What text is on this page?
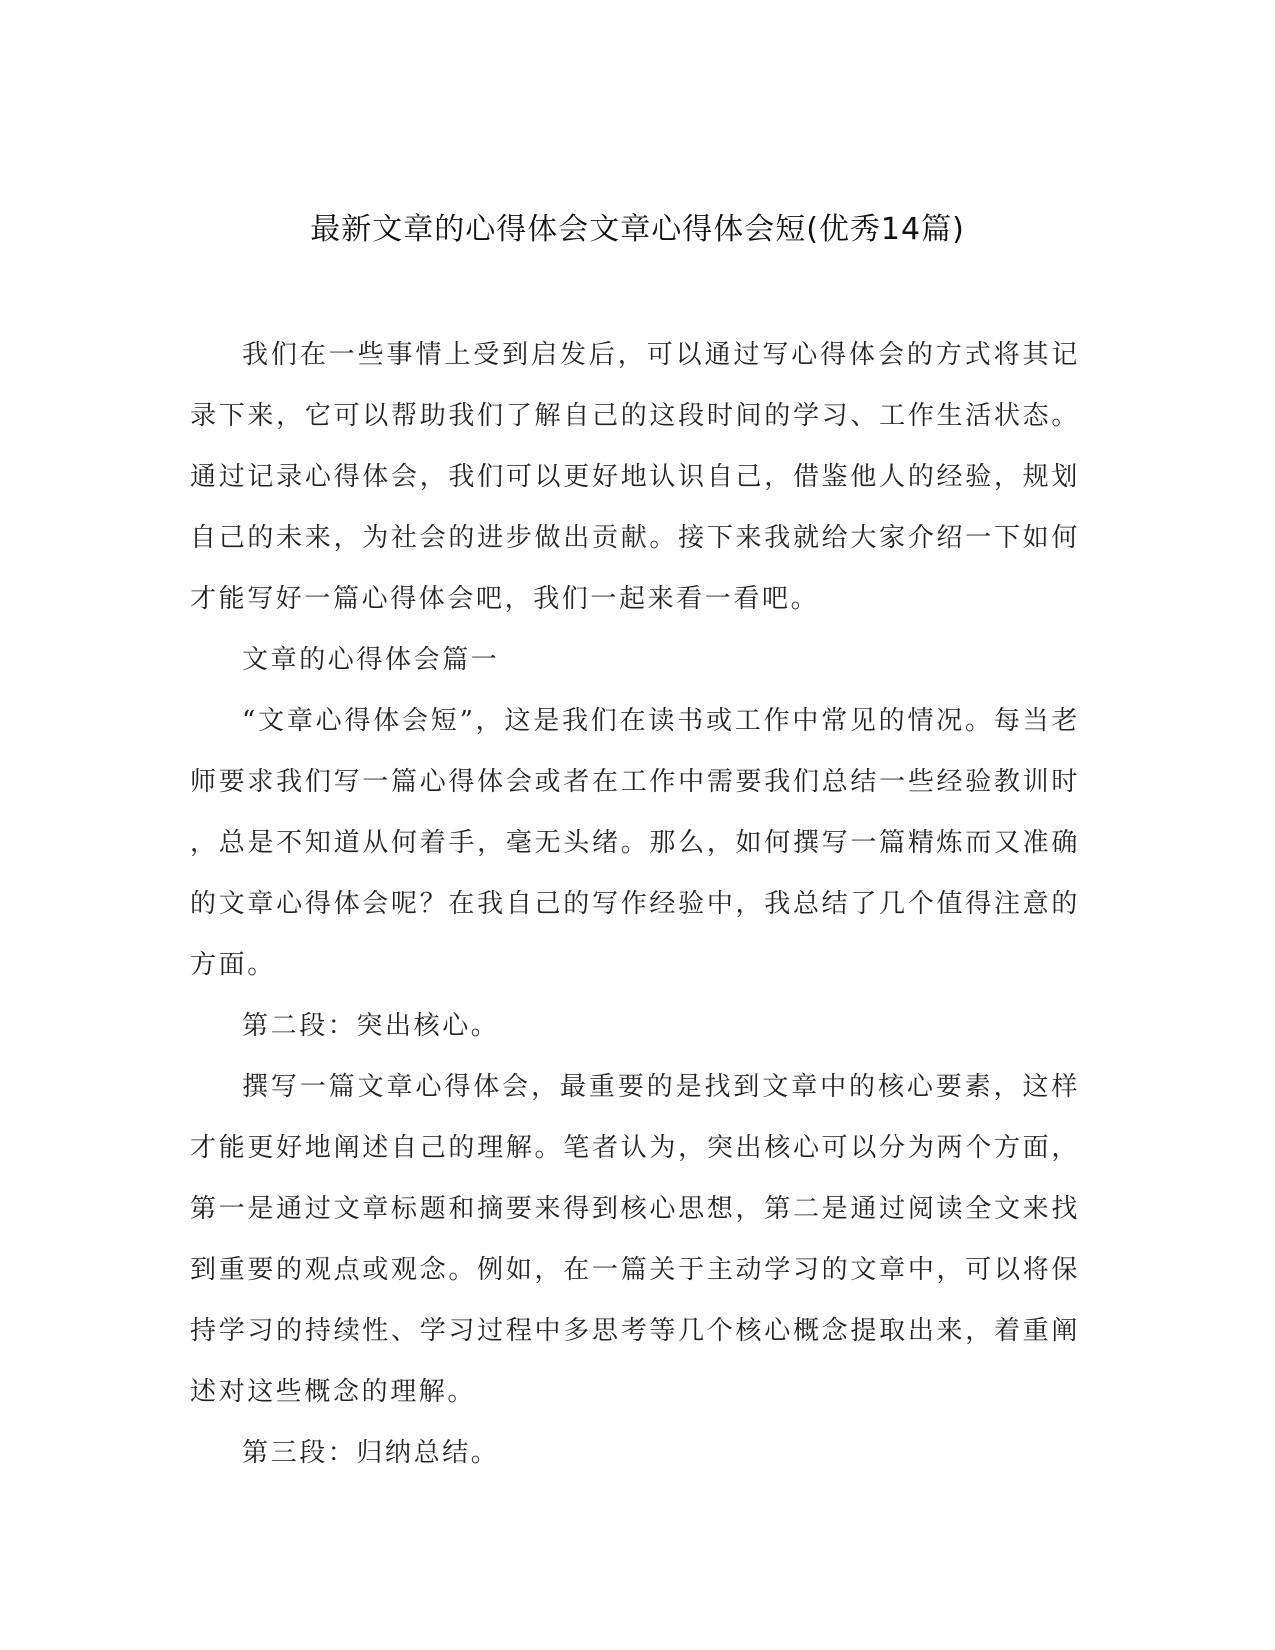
最新文章的心得体会文章心得体会短(优秀14篇)

我们在一些事情上受到启发后，可以通过写心得体会的方式将其记录下来，它可以帮助我们了解自己的这段时间的学习、工作生活状态。通过记录心得体会，我们可以更好地认识自己，借鉴他人的经验，规划自己的未来，为社会的进步做出贡献。接下来我就给大家介绍一下如何才能写好一篇心得体会吧，我们一起来看一看吧。

文章的心得体会篇一

“文章心得体会短”，这是我们在读书或工作中常见的情况。每当老师要求我们写一篇心得体会或者在工作中需要我们总结一些经验教训时，总是不知道从何着手，毫无头绪。那么，如何撰写一篇精炼而又准确的文章心得体会呢？在我自己的写作经验中，我总结了几个值得注意的方面。

第二段：突出核心。

撰写一篇文章心得体会，最重要的是找到文章中的核心要素，这样才能更好地阐述自己的理解。笔者认为，突出核心可以分为两个方面，第一是通过文章标题和摘要来得到核心思想，第二是通过阅读全文来找到重要的观点或观念。例如，在一篇关于主动学习的文章中，可以将保持学习的持续性、学习过程中多思考等几个核心概念提取出来，着重阐述对这些概念的理解。

第三段：归纳总结。
